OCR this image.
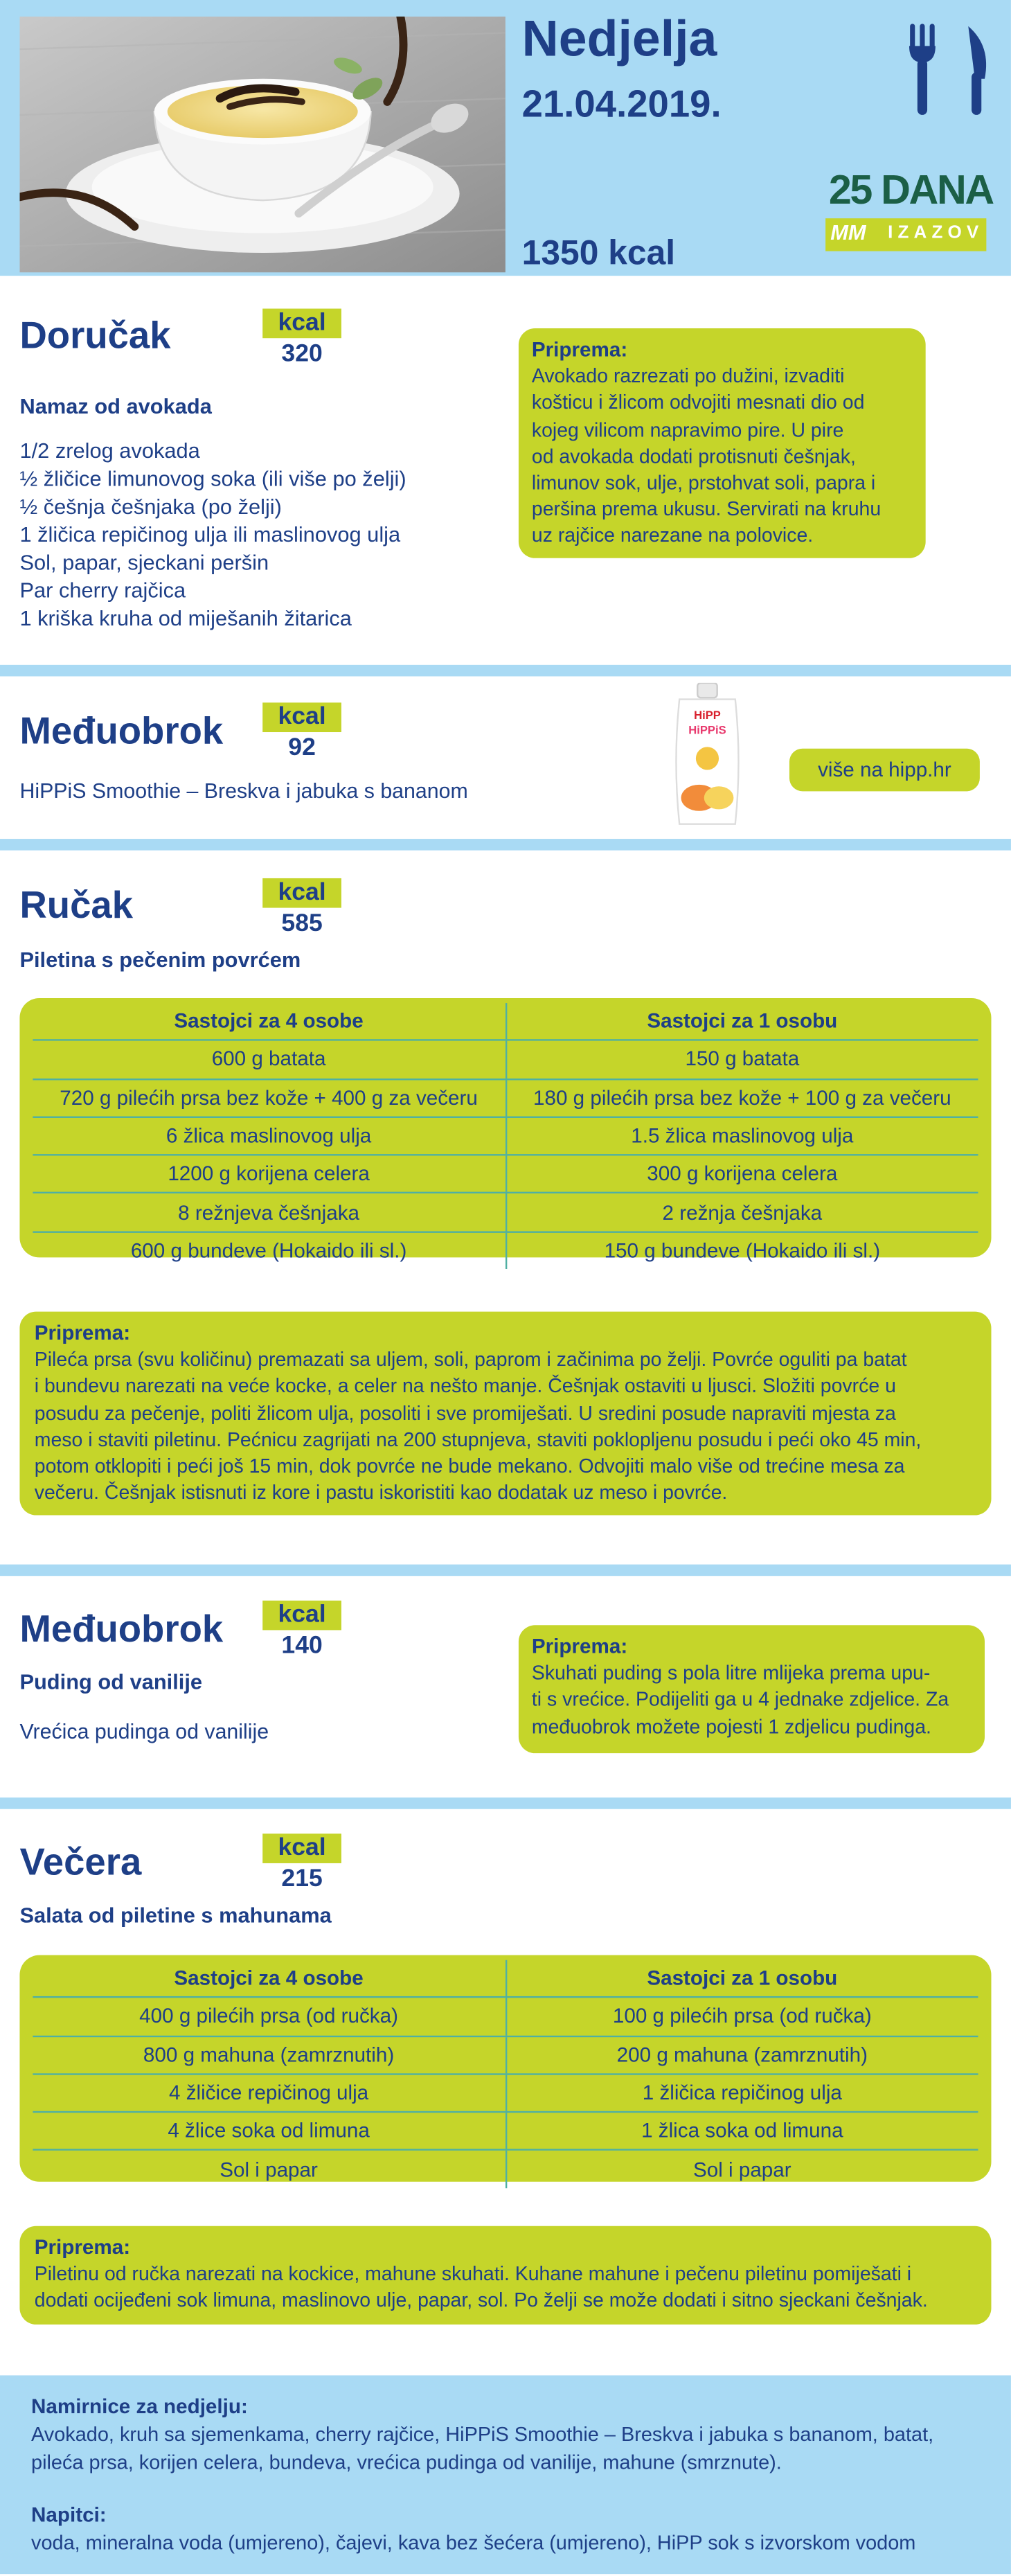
Nedjelja
21.04.2019.
25 DANA
MM	IZAZOV
1350 kcal
Doručak	kcal
320
Namaz od avokada
1/2 zrelog avokada
½ žličice limunovog soka (ili više po želji)
½ češnja češnjaka (po želji)
1 žličica repičinog ulja ili maslinovog ulja
Sol, papar, sjeckani peršin
Par cherry rajčica
1 kriška kruha od miješanih žitarica
Priprema:
Avokado razrezati po dužini, izvaditi
košticu i žlicom odvojiti mesnati dio od
kojeg vilicom napravimo pire. U pire
od avokada dodati protisnuti češnjak,
limunov sok, ulje, prstohvat soli, papra i
peršina prema ukusu. Servirati na kruhu
uz rajčice narezane na polovice.
Međuobrok	kcal
92
HiPPiS Smoothie – Breskva i jabuka s bananom
HiPP
HiPPiS
više na hipp.hr
Ručak	kcal
585
Piletina s pečenim povrćem
Sastojci za 4 osobe	Sastojci za 1 osobu
600 g batata	150 g batata
720 g pilećih prsa bez kože + 400 g za večeru	180 g pilećih prsa bez kože + 100 g za večeru
6 žlica maslinovog ulja	1.5 žlica maslinovog ulja
1200 g korijena celera	300 g korijena celera
8 režnjeva češnjaka	2 režnja češnjaka
600 g bundeve (Hokaido ili sl.)	150 g bundeve (Hokaido ili sl.)
Priprema:
Pileća prsa (svu količinu) premazati sa uljem, soli, paprom i začinima po želji. Povrće oguliti pa batat
i bundevu narezati na veće kocke, a celer na nešto manje. Češnjak ostaviti u ljusci. Složiti povrće u
posudu za pečenje, politi žlicom ulja, posoliti i sve promiješati. U sredini posude napraviti mjesta za
meso i staviti piletinu. Pećnicu zagrijati na 200 stupnjeva, staviti poklopljenu posudu i peći oko 45 min,
potom otklopiti i peći još 15 min, dok povrće ne bude mekano. Odvojiti malo više od trećine mesa za
večeru. Češnjak istisnuti iz kore i pastu iskoristiti kao dodatak uz meso i povrće.
Međuobrok	kcal
140
Puding od vanilije
Vrećica pudinga od vanilije
Priprema:
Skuhati puding s pola litre mlijeka prema upu-
ti s vrećice. Podijeliti ga u 4 jednake zdjelice. Za
međuobrok možete pojesti 1 zdjelicu pudinga.
Večera	kcal
215
Salata od piletine s mahunama
Sastojci za 4 osobe	Sastojci za 1 osobu
400 g pilećih prsa (od ručka)	100 g pilećih prsa (od ručka)
800 g mahuna (zamrznutih)	200 g mahuna (zamrznutih)
4 žličice repičinog ulja	1 žličica repičinog ulja
4 žlice soka od limuna	1 žlica soka od limuna
Sol i papar	Sol i papar
Priprema:
Piletinu od ručka narezati na kockice, mahune skuhati. Kuhane mahune i pečenu piletinu pomiješati i
dodati ocijeđeni sok limuna, maslinovo ulje, papar, sol. Po želji se može dodati i sitno sjeckani češnjak.
Namirnice za nedjelju:
Avokado, kruh sa sjemenkama, cherry rajčice, HiPPiS Smoothie – Breskva i jabuka s bananom, batat,
pileća prsa, korijen celera, bundeva, vrećica pudinga od vanilije, mahune (smrznute).
Napitci:
voda, mineralna voda (umjereno), čajevi, kava bez šećera (umjereno), HiPP sok s izvorskom vodom
